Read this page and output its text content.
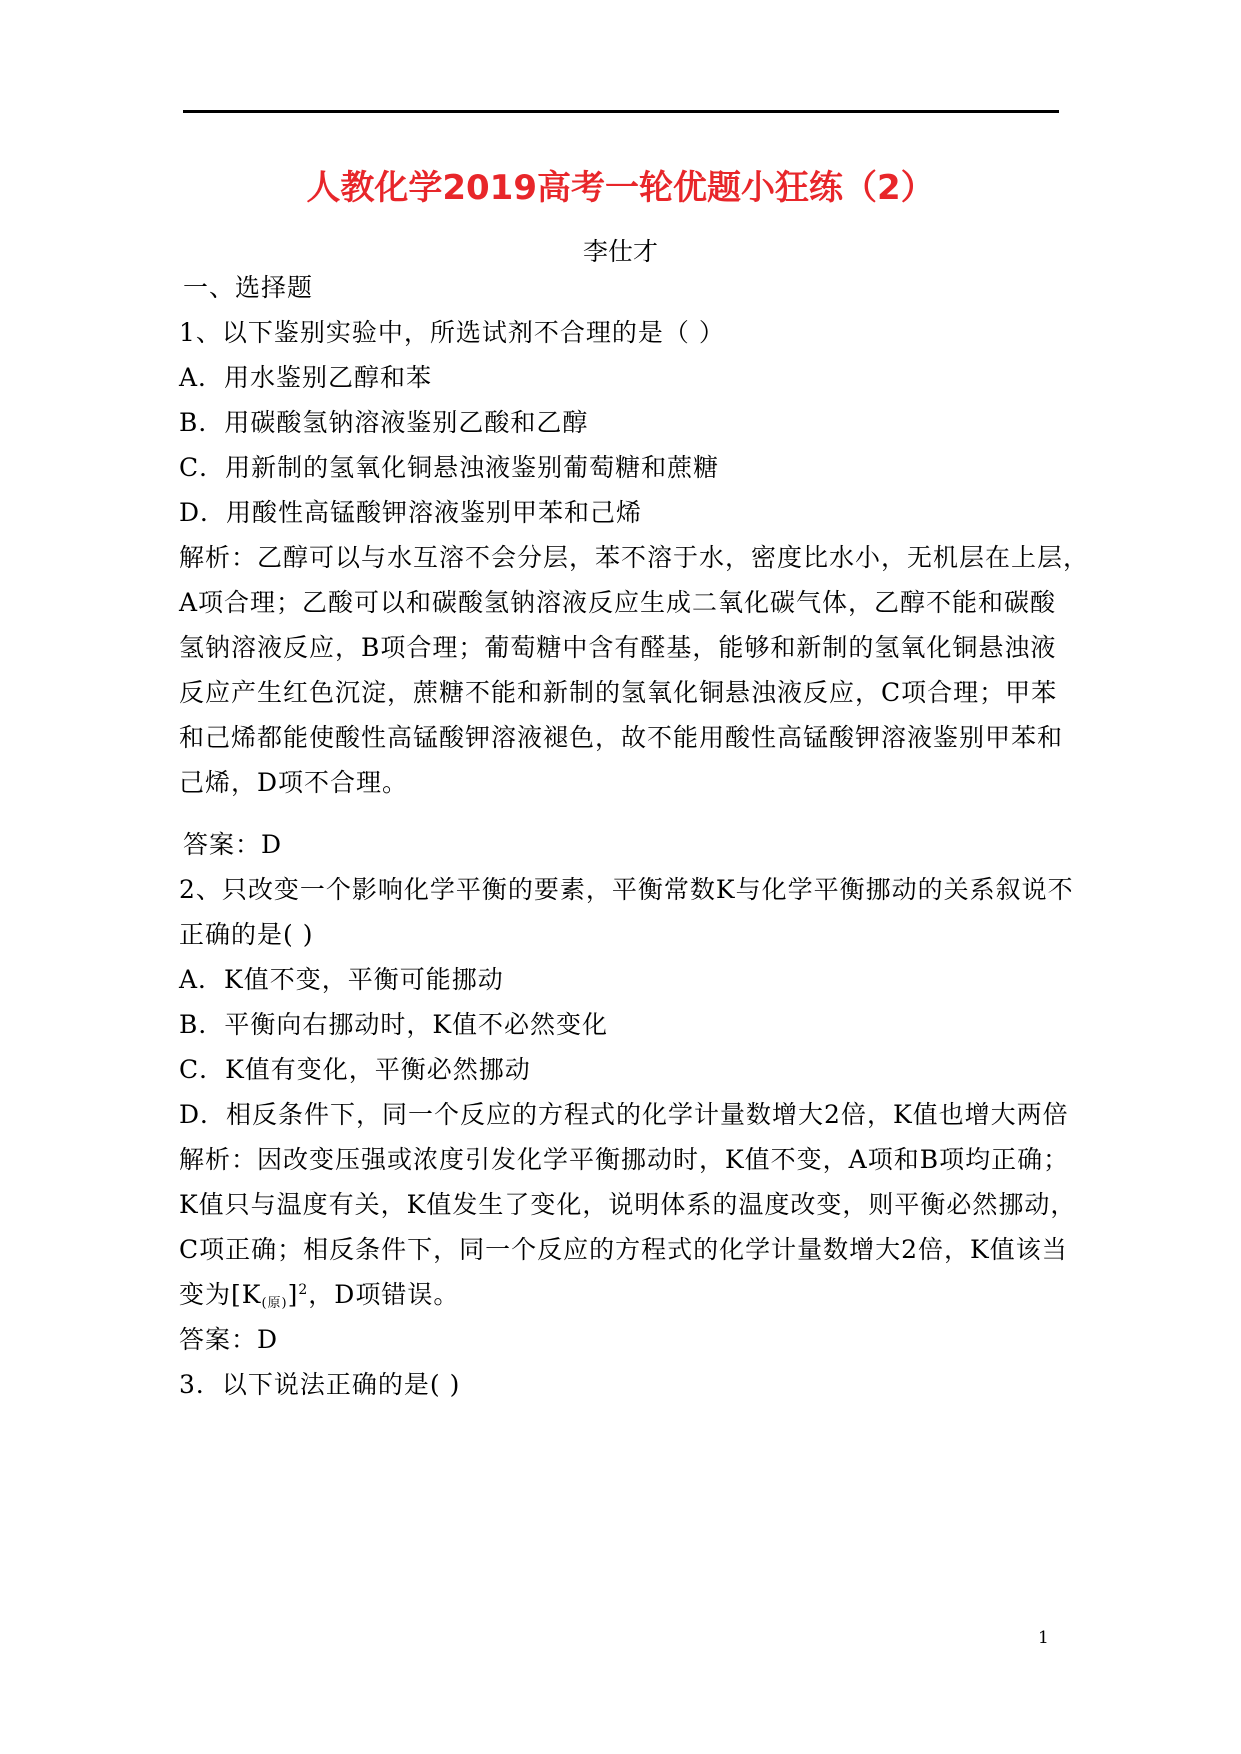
人教化学2019高考一轮优题小狂练（2）
李仕才
一、选择题
1、以下鉴别实验中，所选试剂不合理的是（ ）
A．用水鉴别乙醇和苯
B．用碳酸氢钠溶液鉴别乙酸和乙醇
C．用新制的氢氧化铜悬浊液鉴别葡萄糖和蔗糖
D．用酸性高锰酸钾溶液鉴别甲苯和己烯
解析：乙醇可以与水互溶不会分层，苯不溶于水，密度比水小，无机层在上层，
A项合理；乙酸可以和碳酸氢钠溶液反应生成二氧化碳气体，乙醇不能和碳酸
氢钠溶液反应，B项合理；葡萄糖中含有醛基，能够和新制的氢氧化铜悬浊液
反应产生红色沉淀，蔗糖不能和新制的氢氧化铜悬浊液反应，C项合理；甲苯
和己烯都能使酸性高锰酸钾溶液褪色，故不能用酸性高锰酸钾溶液鉴别甲苯和
己烯，D项不合理。
答案：D
2、只改变一个影响化学平衡的要素，平衡常数K与化学平衡挪动的关系叙说不
正确的是( )
A．K值不变，平衡可能挪动
B．平衡向右挪动时，K值不必然变化
C．K值有变化，平衡必然挪动
D．相反条件下，同一个反应的方程式的化学计量数增大2倍，K值也增大两倍
解析：因改变压强或浓度引发化学平衡挪动时，K值不变，A项和B项均正确；
K值只与温度有关，K值发生了变化，说明体系的温度改变，则平衡必然挪动，
C项正确；相反条件下，同一个反应的方程式的化学计量数增大2倍，K值该当
变为$[K_{(原)}]^2$，D项错误。
答案：D
3．以下说法正确的是( )
1
